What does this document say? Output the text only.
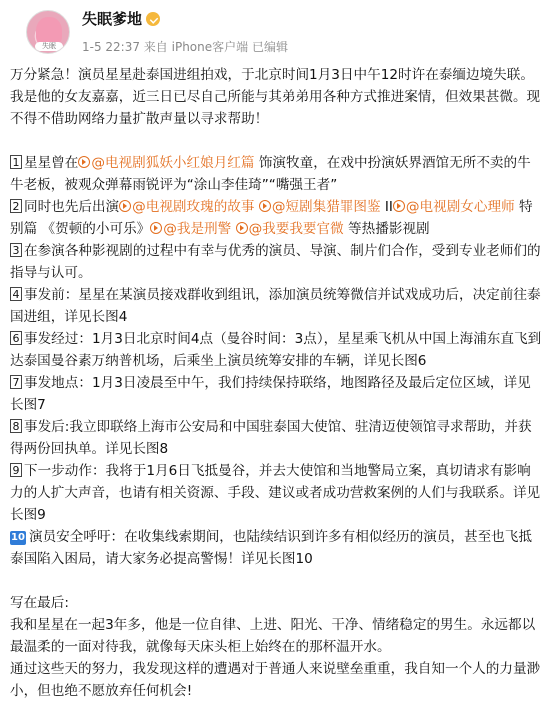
失眠
失眠爹地
1-5 22:37 来自 iPhone客户端 已编辑

万分紧急！演员星星赴泰国进组拍戏，于北京时间1月3日中午12时许在泰缅边境失联。

我是他的女友嘉嘉，近三日已尽自己所能与其弟弟用各种方式推进案情，但效果甚微。现不得不借助网络力量扩散声量以寻求帮助！

1 星星曾在 @电视剧狐妖小红娘月红篇 饰演牧童，在戏中扮演妖界酒馆无所不卖的牛牛老板，被观众弹幕雨锐评为“涂山李佳琦”“嘴强王者”

2 同时也先后出演 @电视剧玫瑰的故事 @短剧集猎罪图鉴 II @电视剧女心理师 特别篇 《贺顿的小可乐》 @我是刑警 @我要我要官微 等热播影视剧

3 在参演各种影视剧的过程中有幸与优秀的演员、导演、制片们合作，受到专业老师们的指导与认可。

4 事发前：星星在某演员接戏群收到组讯，添加演员统筹微信并试戏成功后，决定前往泰国进组，详见长图4

6 事发经过：1月3日北京时间4点（曼谷时间：3点），星星乘飞机从中国上海浦东直飞到达泰国曼谷素万纳普机场，后乘坐上演员统筹安排的车辆，详见长图6

7 事发地点：1月3日凌晨至中午，我们持续保持联络，地图路径及最后定位区域，详见长图7

8 事发后:我立即联络上海市公安局和中国驻泰国大使馆、驻清迈使领馆寻求帮助，并获得两份回执单。详见长图8

9 下一步动作：我将于1月6日飞抵曼谷，并去大使馆和当地警局立案，真切请求有影响力的人扩大声音，也请有相关资源、手段、建议或者成功营救案例的人们与我联系。详见长图9

10 演员安全呼吁：在收集线索期间，也陆续结识到许多有相似经历的演员，甚至也飞抵泰国陷入困局，请大家务必提高警惕！详见长图10

写在最后:

我和星星在一起3年多，他是一位自律、上进、阳光、干净、情绪稳定的男生。永远都以最温柔的一面对待我，就像每天床头柜上始终在的那杯温开水。

通过这些天的努力，我发现这样的遭遇对于普通人来说壁垒重重，我自知一个人的力量渺小，但也绝不愿放弃任何机会!
